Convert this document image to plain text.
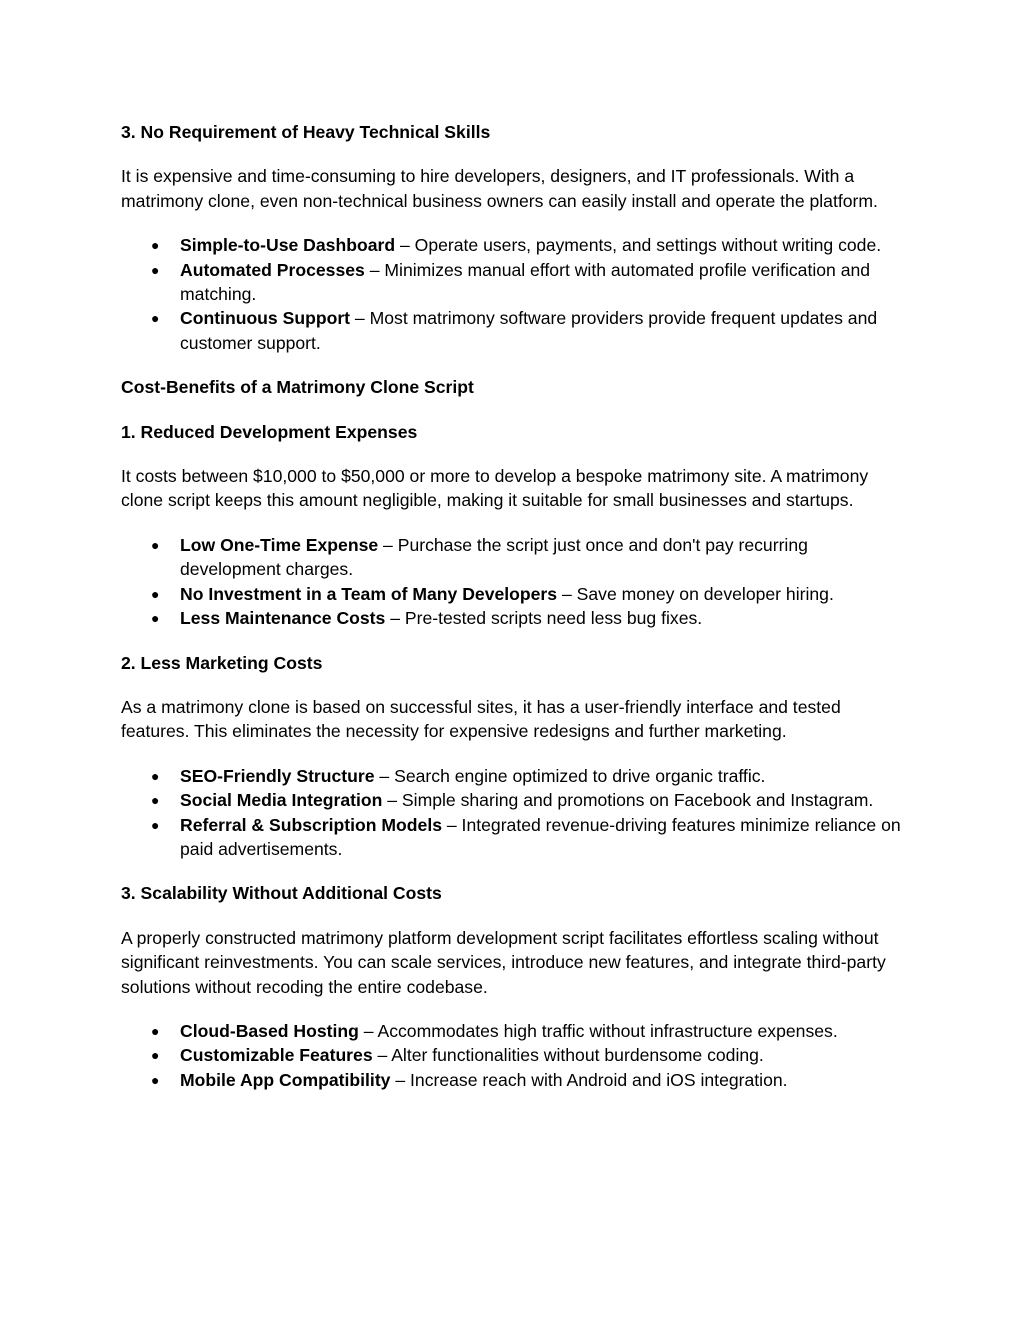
3. No Requirement of Heavy Technical Skills

It is expensive and time-consuming to hire developers, designers, and IT professionals. With a matrimony clone, even non-technical business owners can easily install and operate the platform.

● Simple-to-Use Dashboard – Operate users, payments, and settings without writing code.
● Automated Processes – Minimizes manual effort with automated profile verification and matching.
● Continuous Support – Most matrimony software providers provide frequent updates and customer support.

Cost-Benefits of a Matrimony Clone Script

1. Reduced Development Expenses

It costs between $10,000 to $50,000 or more to develop a bespoke matrimony site. A matrimony clone script keeps this amount negligible, making it suitable for small businesses and startups.

● Low One-Time Expense – Purchase the script just once and don't pay recurring development charges.
● No Investment in a Team of Many Developers – Save money on developer hiring.
● Less Maintenance Costs – Pre-tested scripts need less bug fixes.

2. Less Marketing Costs

As a matrimony clone is based on successful sites, it has a user-friendly interface and tested features. This eliminates the necessity for expensive redesigns and further marketing.

● SEO-Friendly Structure – Search engine optimized to drive organic traffic.
● Social Media Integration – Simple sharing and promotions on Facebook and Instagram.
● Referral & Subscription Models – Integrated revenue-driving features minimize reliance on paid advertisements.

3. Scalability Without Additional Costs

A properly constructed matrimony platform development script facilitates effortless scaling without significant reinvestments. You can scale services, introduce new features, and integrate third-party solutions without recoding the entire codebase.

● Cloud-Based Hosting – Accommodates high traffic without infrastructure expenses.
● Customizable Features – Alter functionalities without burdensome coding.
● Mobile App Compatibility – Increase reach with Android and iOS integration.
